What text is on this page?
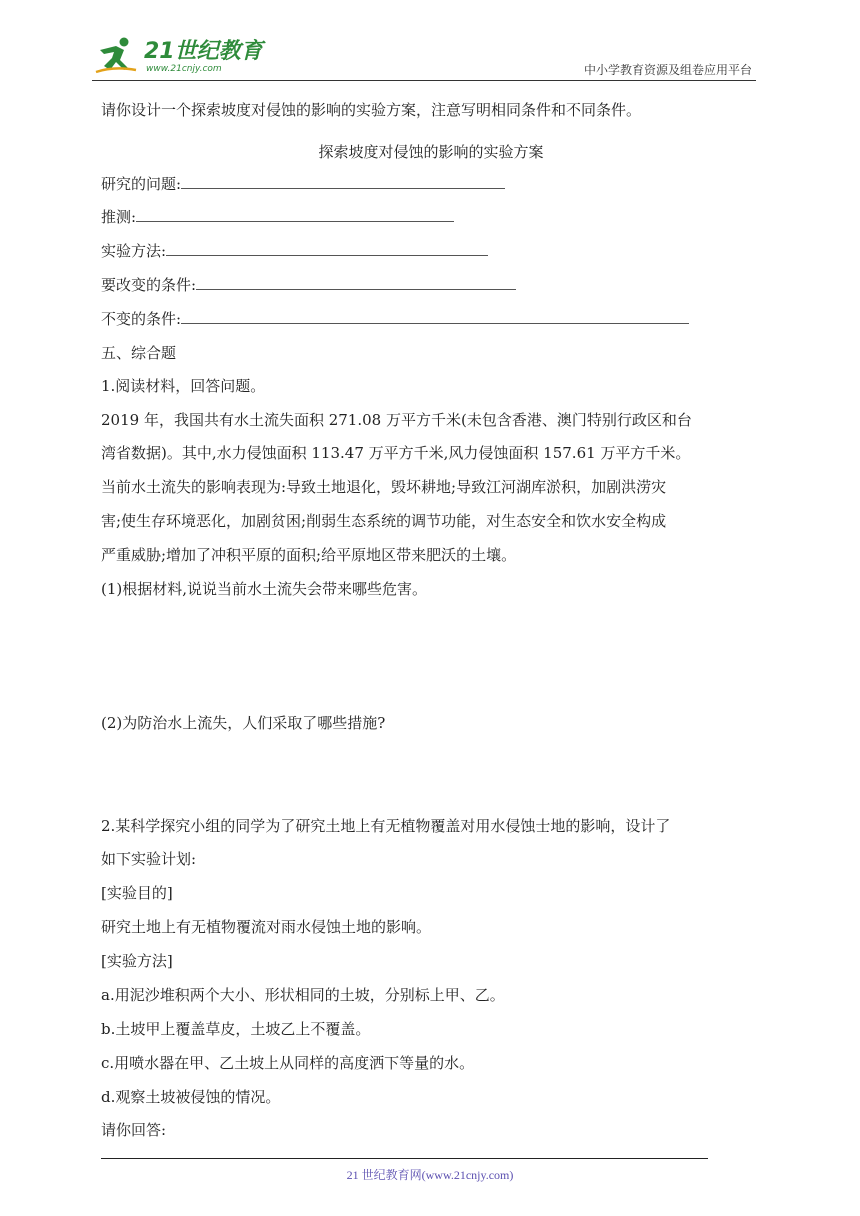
21世纪教育
www.21cnjy.com	中小学教育资源及组卷应用平台
请你设计一个探索坡度对侵蚀的影响的实验方案，注意写明相同条件和不同条件。
探索坡度对侵蚀的影响的实验方案
研究的问题:
推测:
实验方法:
要改变的条件:
不变的条件:
五、综合题
1.阅读材料，回答问题。
2019 年，我国共有水土流失面积 271.08 万平方千米(未包含香港、澳门特别行政区和台
湾省数据)。其中,水力侵蚀面积 113.47 万平方千米,风力侵蚀面积 157.61 万平方千米。
当前水土流失的影响表现为:导致土地退化，毁坏耕地;导致江河湖库淤积，加剧洪涝灾
害;使生存环境恶化，加剧贫困;削弱生态系统的调节功能，对生态安全和饮水安全构成
严重威胁;增加了冲积平原的面积;给平原地区带来肥沃的土壤。
(1)根据材料,说说当前水土流失会带来哪些危害。
(2)为防治水上流失，人们采取了哪些措施?
2.某科学探究小组的同学为了研究土地上有无植物覆盖对用水侵蚀士地的影响，设计了
如下实验计划:
[实验目的]
研究土地上有无植物覆流对雨水侵蚀土地的影响。
[实验方法]
a.用泥沙堆积两个大小、形状相同的土坡，分别标上甲、乙。
b.土坡甲上覆盖草皮，土坡乙上不覆盖。
c.用喷水器在甲、乙土坡上从同样的高度洒下等量的水。
d.观察土坡被侵蚀的情况。
请你回答:
21 世纪教育网(www.21cnjy.com)
